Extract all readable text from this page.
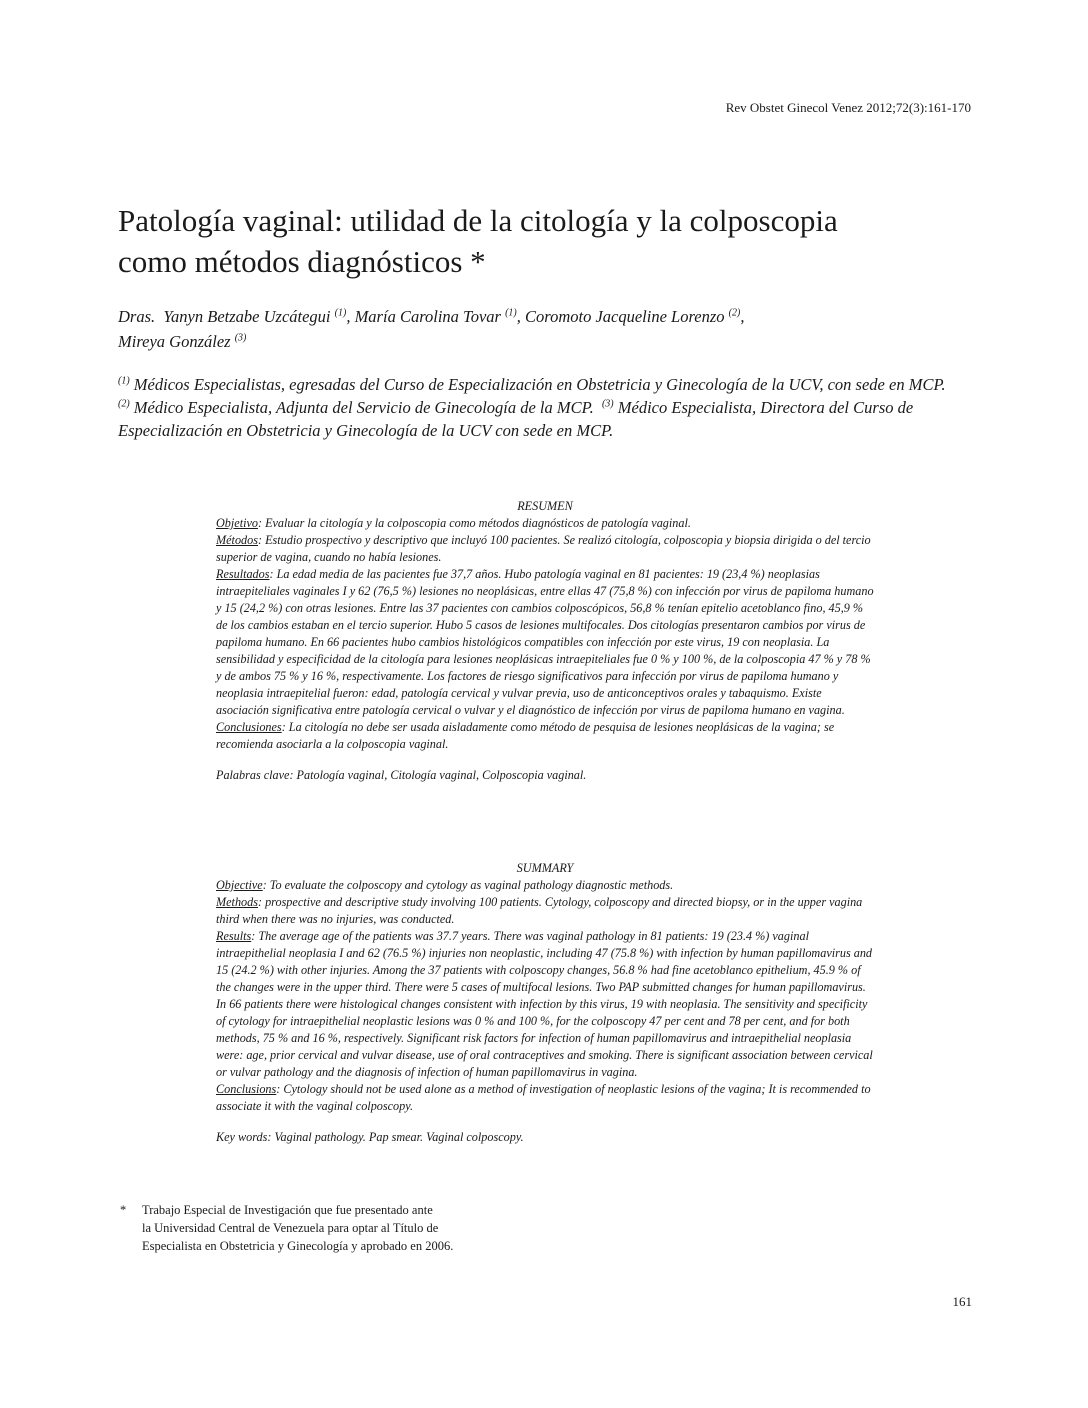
Rev Obstet Ginecol Venez 2012;72(3):161-170
Patología vaginal: utilidad de la citología y la colposcopia
como métodos diagnósticos *
Dras. Yanyn Betzabe Uzcátegui $^{(1)}$, María Carolina Tovar $^{(1)}$, Coromoto Jacqueline Lorenzo $^{(2)}$,
Mireya González $^{(3)}$
$^{(1)}$ Médicos Especialistas, egresadas del Curso de Especialización en Obstetricia y Ginecología de la UCV, con sede en MCP.  $^{(2)}$ Médico Especialista, Adjunta del Servicio de Ginecología de la MCP. $^{(3)}$ Médico Especialista, Directora del Curso de Especialización en Obstetricia y Ginecología de la UCV con sede en MCP.

RESUMEN

Objetivo: Evaluar la citología y la colposcopia como métodos diagnósticos de patología vaginal.

Métodos: Estudio prospectivo y descriptivo que incluyó 100 pacientes. Se realizó citología, colposcopia y biopsia dirigida o del tercio superior de vagina, cuando no había lesiones.

Resultados: La edad media de las pacientes fue 37,7 años. Hubo patología vaginal en 81 pacientes: 19 (23,4 %) neoplasias intraepiteliales vaginales I y 62 (76,5 %) lesiones no neoplásicas, entre ellas 47 (75,8 %) con infección por virus de papiloma humano y 15 (24,2 %) con otras lesiones. Entre las 37 pacientes con cambios colposcópicos, 56,8 % tenían epitelio acetoblanco fino, 45,9 % de los cambios estaban en el tercio superior. Hubo 5 casos de lesiones multifocales. Dos citologías presentaron cambios por virus de papiloma humano. En 66 pacientes hubo cambios histológicos compatibles con infección por este virus, 19 con neoplasia. La sensibilidad y especificidad de la citología para lesiones neoplásicas intraepiteliales fue 0 % y 100 %, de la colposcopia 47 % y 78 % y de ambos 75 % y 16 %, respectivamente. Los factores de riesgo significativos para infección por virus de papiloma humano y neoplasia intraepitelial fueron: edad, patología cervical y vulvar previa, uso de anticonceptivos orales y tabaquismo. Existe asociación significativa entre patología cervical o vulvar y el diagnóstico de infección por virus de papiloma humano en vagina.

Conclusiones: La citología no debe ser usada aisladamente como método de pesquisa de lesiones neoplásicas de la vagina; se recomienda asociarla a la colposcopia vaginal.

Palabras clave: Patología vaginal, Citología vaginal, Colposcopia vaginal.

SUMMARY

Objective: To evaluate the colposcopy and cytology as vaginal pathology diagnostic methods.

Methods: prospective and descriptive study involving 100 patients. Cytology, colposcopy and directed biopsy, or in the upper vagina third when there was no injuries, was conducted.

Results: The average age of the patients was 37.7 years. There was vaginal pathology in 81 patients: 19 (23.4 %) vaginal intraepithelial neoplasia I and 62 (76.5 %) injuries non neoplastic, including 47 (75.8 %) with infection by human papillomavirus and 15 (24.2 %) with other injuries. Among the 37 patients with colposcopy changes, 56.8 % had fine acetoblanco epithelium, 45.9 % of the changes were in the upper third. There were 5 cases of multifocal lesions. Two PAP submitted changes for human papillomavirus. In 66 patients there were histological changes consistent with infection by this virus, 19 with neoplasia. The sensitivity and specificity of cytology for intraepithelial neoplastic lesions was 0 % and 100 %, for the colposcopy 47 per cent and 78 per cent, and for both methods, 75 % and 16 %, respectively. Significant risk factors for infection of human papillomavirus and intraepithelial neoplasia were: age, prior cervical and vulvar disease, use of oral contraceptives and smoking. There is significant association between cervical or vulvar pathology and the diagnosis of infection of human papillomavirus in vagina.

Conclusions: Cytology should not be used alone as a method of investigation of neoplastic lesions of the vagina; It is recommended to associate it with the vaginal colposcopy.

Key words: Vaginal pathology. Pap smear. Vaginal colposcopy.

* Trabajo Especial de Investigación que fue presentado ante
la Universidad Central de Venezuela para optar al Título de
Especialista en Obstetricia y Ginecología y aprobado en 2006.
161
